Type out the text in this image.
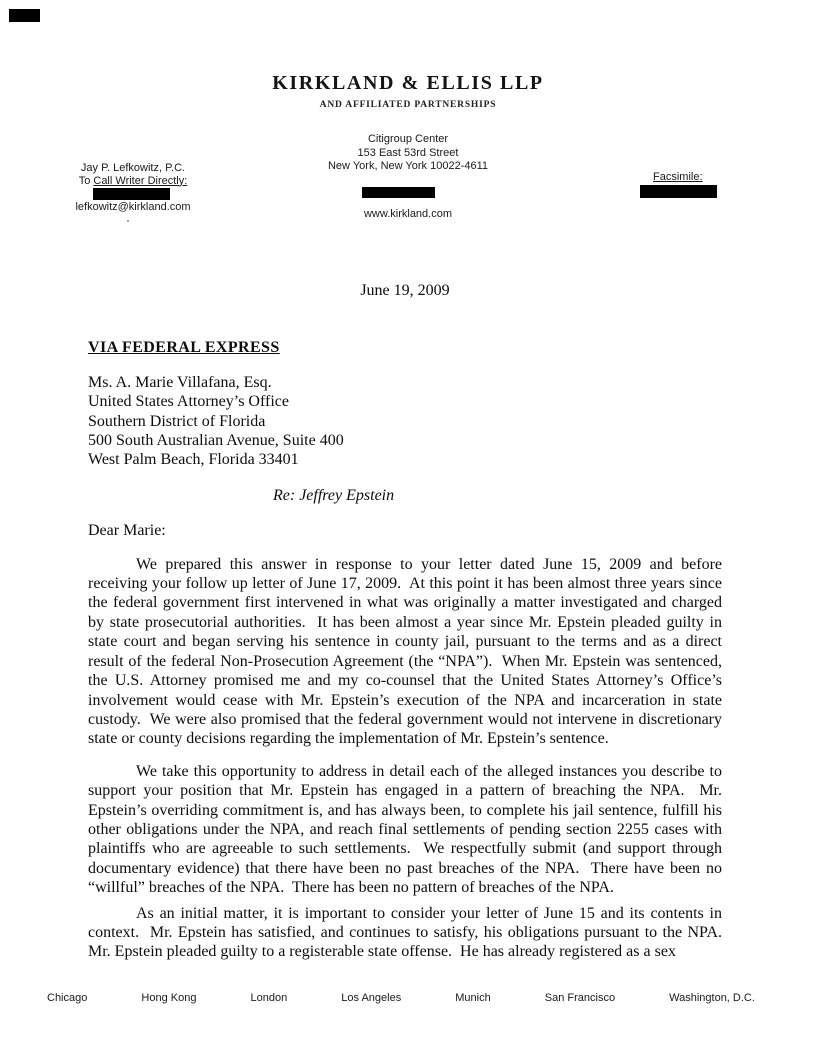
KIRKLAND & ELLIS LLP
AND AFFILIATED PARTNERSHIPS
Jay P. Lefkowitz, P.C.
To Call Writer Directly:
lefkowitz@kirkland.com
Citigroup Center
153 East 53rd Street
New York, New York 10022-4611
www.kirkland.com
Facsimile:
June 19, 2009
VIA FEDERAL EXPRESS
Ms. A. Marie Villafana, Esq.
United States Attorney’s Office
Southern District of Florida
500 South Australian Avenue, Suite 400
West Palm Beach, Florida 33401
Re: Jeffrey Epstein
Dear Marie:
We prepared this answer in response to your letter dated June 15, 2009 and before receiving your follow up letter of June 17, 2009.  At this point it has been almost three years since the federal government first intervened in what was originally a matter investigated and charged by state prosecutorial authorities.  It has been almost a year since Mr. Epstein pleaded guilty in state court and began serving his sentence in county jail, pursuant to the terms and as a direct result of the federal Non-Prosecution Agreement (the “NPA”).  When Mr. Epstein was sentenced, the U.S. Attorney promised me and my co-counsel that the United States Attorney’s Office’s involvement would cease with Mr. Epstein’s execution of the NPA and incarceration in state custody.  We were also promised that the federal government would not intervene in discretionary state or county decisions regarding the implementation of Mr. Epstein’s sentence.
We take this opportunity to address in detail each of the alleged instances you describe to support your position that Mr. Epstein has engaged in a pattern of breaching the NPA.  Mr. Epstein’s overriding commitment is, and has always been, to complete his jail sentence, fulfill his other obligations under the NPA, and reach final settlements of pending section 2255 cases with plaintiffs who are agreeable to such settlements.  We respectfully submit (and support through documentary evidence) that there have been no past breaches of the NPA.  There have been no “willful” breaches of the NPA.  There has been no pattern of breaches of the NPA.
As an initial matter, it is important to consider your letter of June 15 and its contents in context.  Mr. Epstein has satisfied, and continues to satisfy, his obligations pursuant to the NPA.  Mr. Epstein pleaded guilty to a registerable state offense.  He has already registered as a sex
Chicago	Hong Kong	London	Los Angeles	Munich	San Francisco	Washington, D.C.
